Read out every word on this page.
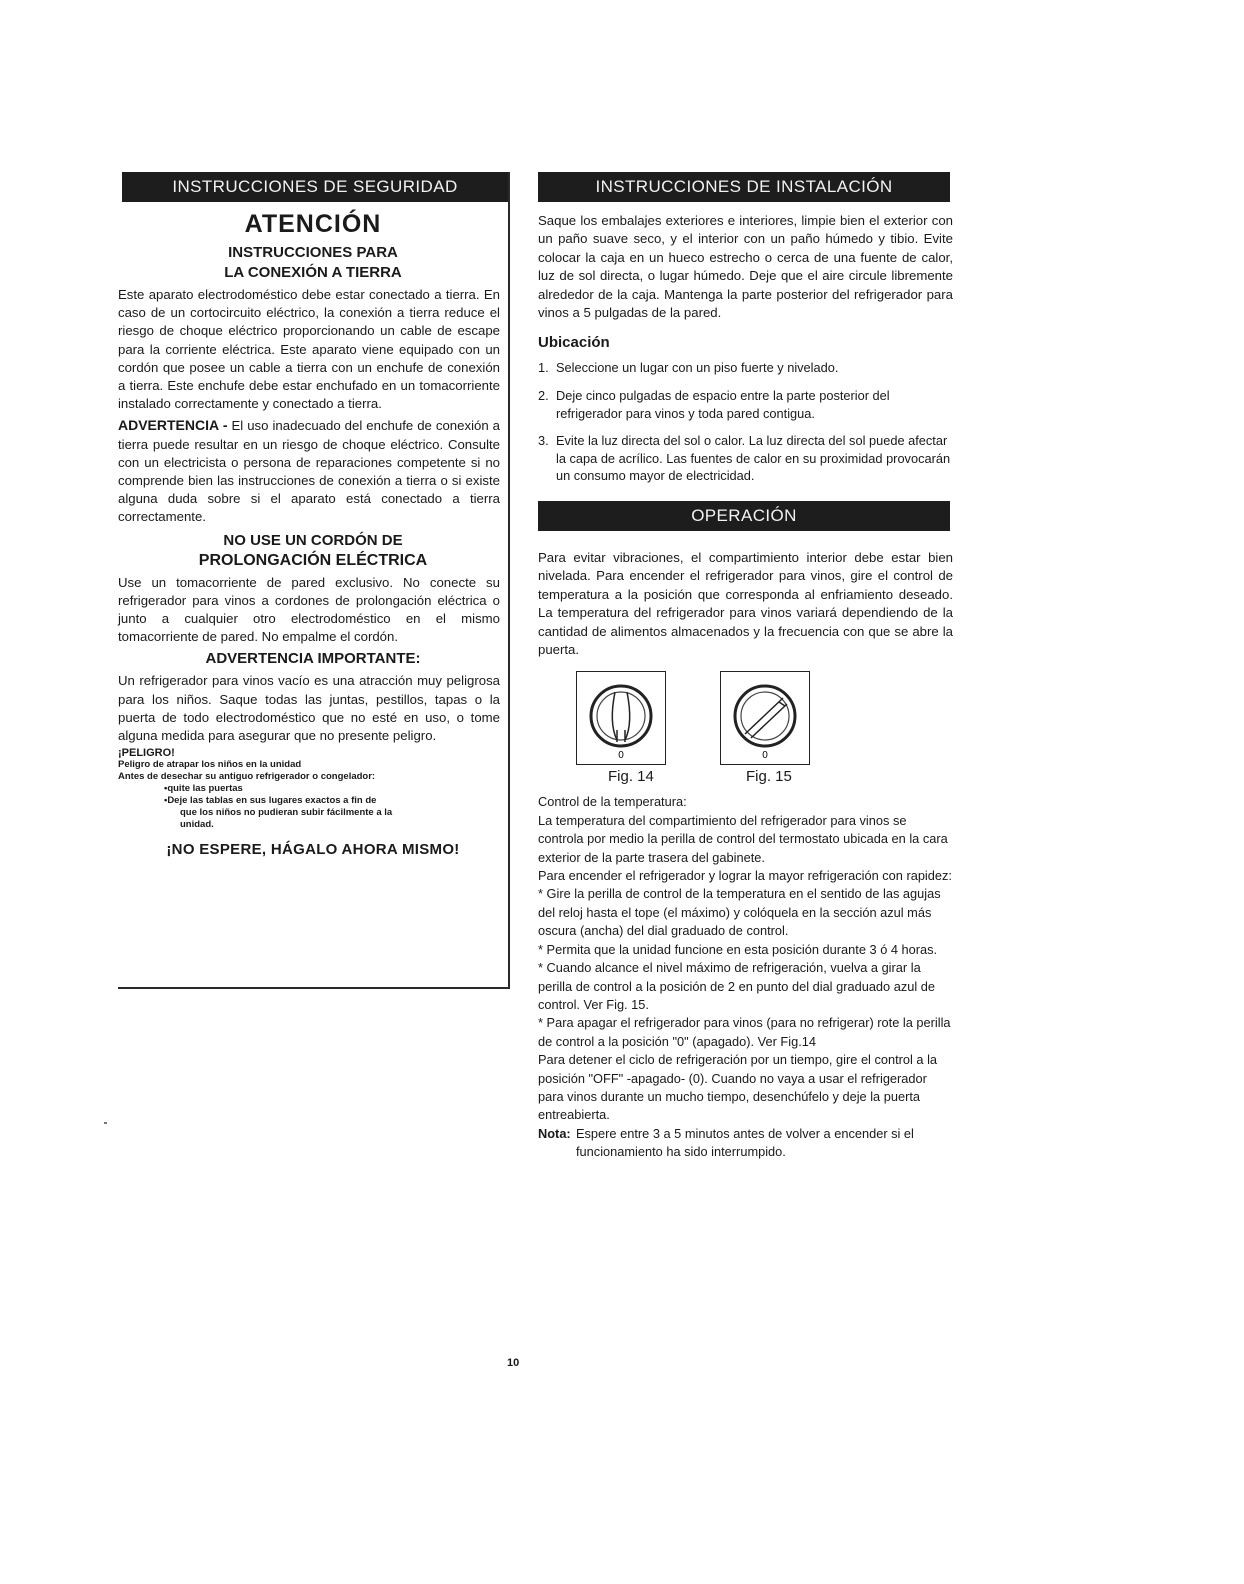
INSTRUCCIONES DE SEGURIDAD
ATENCIÓN
INSTRUCCIONES PARA
LA CONEXIÓN A TIERRA

Este aparato electrodoméstico debe estar conectado a tierra. En caso de un cortocircuito eléctrico, la conexión a tierra reduce el riesgo de choque eléctrico proporcionando un cable de escape para la corriente eléctrica. Este aparato viene equipado con un cordón que posee un cable a tierra con un enchufe de conexión a tierra. Este enchufe debe estar enchufado en un tomacorriente instalado correctamente y conectado a tierra.

ADVERTENCIA - El uso inadecuado del enchufe de conexión a tierra puede resultar en un riesgo de choque eléctrico. Consulte con un electricista o persona de reparaciones competente si no comprende bien las instrucciones de conexión a tierra o si existe alguna duda sobre si el aparato está conectado a tierra correctamente.

NO USE UN CORDÓN DE
PROLONGACIÓN ELÉCTRICA

Use un tomacorriente de pared exclusivo. No conecte su refrigerador para vinos a cordones de prolongación eléctrica o junto a cualquier otro electrodoméstico en el mismo tomacorriente de pared. No empalme el cordón.

ADVERTENCIA IMPORTANTE:

Un refrigerador para vinos vacío es una atracción muy peligrosa para los niños. Saque todas las juntas, pestillos, tapas o la puerta de todo electrodoméstico que no esté en uso, o tome alguna medida para asegurar que no presente peligro.

¡PELIGRO!
Peligro de atrapar los niños en la unidad
Antes de desechar su antiguo refrigerador o congelador:
•quite las puertas
•Deje las tablas en sus lugares exactos a fin de
que los niños no pudieran subir fácilmente a la
unidad.
¡NO ESPERE, HÁGALO AHORA MISMO!
INSTRUCCIONES DE INSTALACIÓN

Saque los embalajes exteriores e interiores, limpie bien el exterior con un paño suave seco, y el interior con un paño húmedo y tibio. Evite colocar la caja en un hueco estrecho o cerca de una fuente de calor, luz de sol directa, o lugar húmedo. Deje que el aire circule libremente alrededor de la caja. Mantenga la parte posterior del refrigerador para vinos a 5 pulgadas de la pared.

Ubicación
1. Seleccione un lugar con un piso fuerte y nivelado.
2. Deje cinco pulgadas de espacio entre la parte posterior del refrigerador para vinos y toda pared contigua.
3. Evite la luz directa del sol o calor. La luz directa del sol puede afectar la capa de acrílico. Las fuentes de calor en su proximidad provocarán un consumo mayor de electricidad.
OPERACIÓN

Para evitar vibraciones, el compartimiento interior debe estar bien nivelada. Para encender el refrigerador para vinos, gire el control de temperatura a la posición que corresponda al enfriamiento deseado. La temperatura del refrigerador para vinos variará dependiendo de la cantidad de alimentos almacenados y la frecuencia con que se abre la puerta.

0	0
Fig. 14	Fig. 15

Control de la temperatura:

La temperatura del compartimiento del refrigerador para vinos se controla por medio la perilla de control del termostato ubicada en la cara exterior de la parte trasera del gabinete.

Para encender el refrigerador y lograr la mayor refrigeración con rapidez:

* Gire la perilla de control de la temperatura en el sentido de las agujas del reloj hasta el tope (el máximo) y colóquela en la sección azul más oscura (ancha) del dial graduado de control.

* Permita que la unidad funcione en esta posición durante 3 ó 4 horas.

* Cuando alcance el nivel máximo de refrigeración, vuelva a girar la perilla de control a la posición de 2 en punto del dial graduado azul de control. Ver Fig. 15.

* Para apagar el refrigerador para vinos (para no refrigerar) rote la perilla de control a la posición "0" (apagado). Ver Fig.14

Para detener el ciclo de refrigeración por un tiempo, gire el control a la posición "OFF" -apagado- (0). Cuando no vaya a usar el refrigerador para vinos durante un mucho tiempo, desenchúfelo y deje la puerta entreabierta.

Nota: Espere entre 3 a 5 minutos antes de volver a encender si el funcionamiento ha sido interrumpido.
10
